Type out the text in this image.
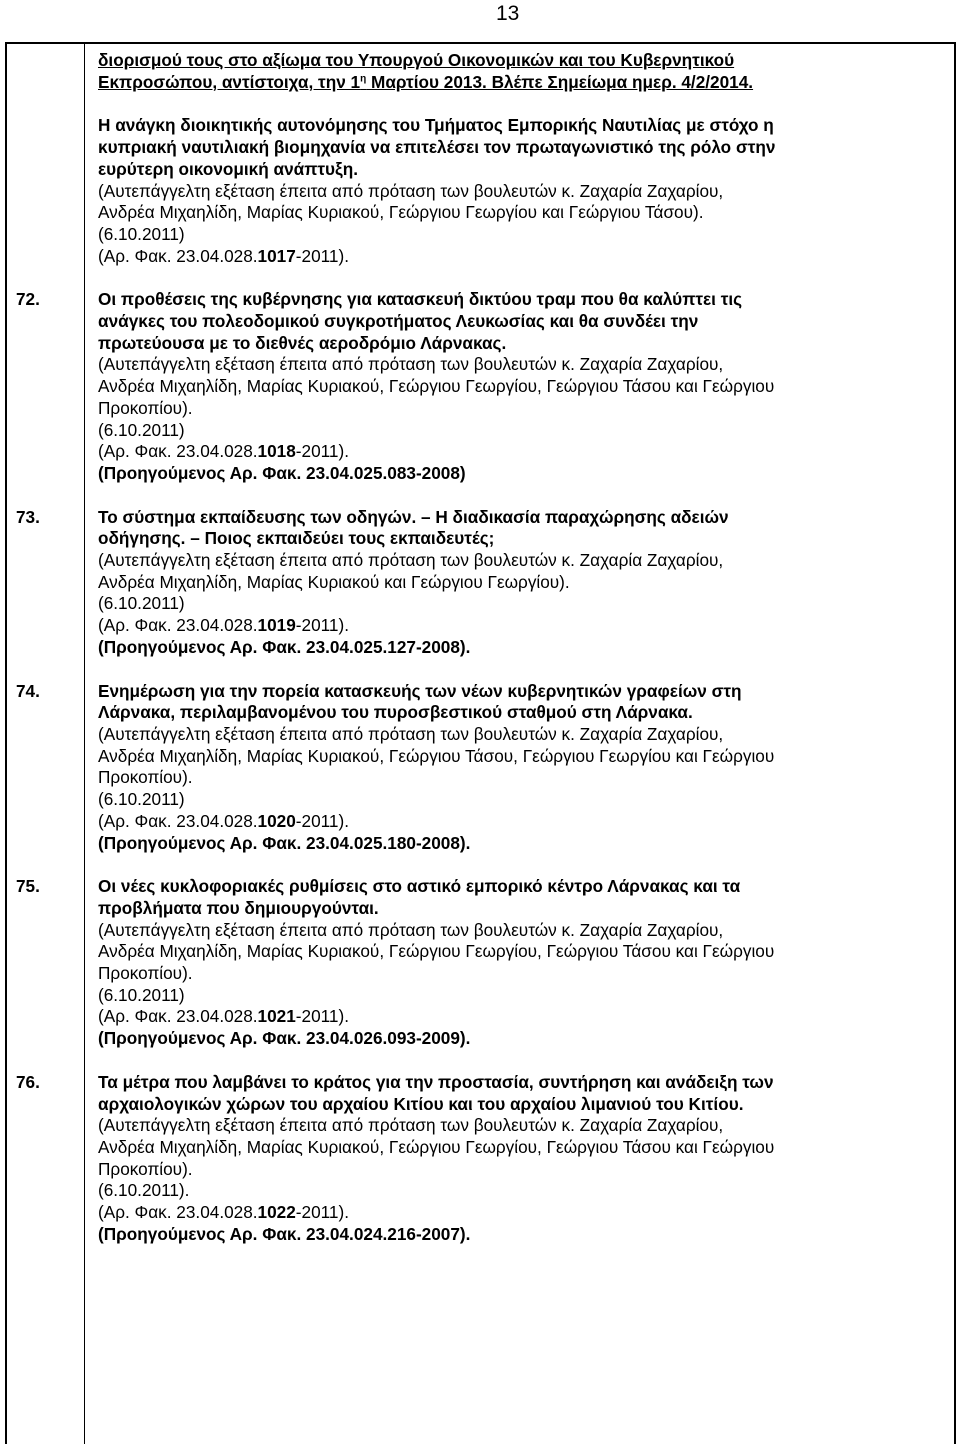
13
διορισμού τους στο αξίωμα του Υπουργού Οικονομικών και του Κυβερνητικού
Εκπροσώπου, αντίστοιχα, την $1^\eta$ Μαρτίου 2013. Βλέπε Σημείωμα ημερ. 4/2/2014.
Η ανάγκη διοικητικής αυτονόμησης του Τμήματος Εμπορικής Ναυτιλίας με στόχο η
κυπριακή ναυτιλιακή βιομηχανία να επιτελέσει τον πρωταγωνιστικό της ρόλο στην
ευρύτερη οικονομική ανάπτυξη.
(Αυτεπάγγελτη εξέταση έπειτα από πρόταση των βουλευτών κ. Ζαχαρία Ζαχαρίου,
Ανδρέα Μιχαηλίδη, Μαρίας Κυριακού, Γεώργιου Γεωργίου και Γεώργιου Τάσου).
(6.10.2011)
(Αρ. Φακ. 23.04.028.1017-2011).
72.	Οι προθέσεις της κυβέρνησης για κατασκευή δικτύου τραμ που θα καλύπτει τις
ανάγκες του πολεοδομικού συγκροτήματος Λευκωσίας και θα συνδέει την
πρωτεύουσα με το διεθνές αεροδρόμιο Λάρνακας.
(Αυτεπάγγελτη εξέταση έπειτα από πρόταση των βουλευτών κ. Ζαχαρία Ζαχαρίου,
Ανδρέα Μιχαηλίδη, Μαρίας Κυριακού, Γεώργιου Γεωργίου, Γεώργιου Τάσου και Γεώργιου
Προκοπίου).
(6.10.2011)
(Αρ. Φακ. 23.04.028.1018-2011).
(Προηγούμενος Αρ. Φακ. 23.04.025.083-2008)
73.	Το σύστημα εκπαίδευσης των οδηγών. – Η διαδικασία παραχώρησης αδειών
οδήγησης. – Ποιος εκπαιδεύει τους εκπαιδευτές;
(Αυτεπάγγελτη εξέταση έπειτα από πρόταση των βουλευτών κ. Ζαχαρία Ζαχαρίου,
Ανδρέα Μιχαηλίδη, Μαρίας Κυριακού και Γεώργιου Γεωργίου).
(6.10.2011)
(Αρ. Φακ. 23.04.028.1019-2011).
(Προηγούμενος Αρ. Φακ. 23.04.025.127-2008).
74.	Ενημέρωση για την πορεία κατασκευής των νέων κυβερνητικών γραφείων στη
Λάρνακα, περιλαμβανομένου του πυροσβεστικού σταθμού στη Λάρνακα.
(Αυτεπάγγελτη εξέταση έπειτα από πρόταση των βουλευτών κ. Ζαχαρία Ζαχαρίου,
Ανδρέα Μιχαηλίδη, Μαρίας Κυριακού, Γεώργιου Τάσου, Γεώργιου Γεωργίου και Γεώργιου
Προκοπίου).
(6.10.2011)
(Αρ. Φακ. 23.04.028.1020-2011).
(Προηγούμενος Αρ. Φακ. 23.04.025.180-2008).
75.	Οι νέες κυκλοφοριακές ρυθμίσεις στο αστικό εμπορικό κέντρο Λάρνακας και τα
προβλήματα που δημιουργούνται.
(Αυτεπάγγελτη εξέταση έπειτα από πρόταση των βουλευτών κ. Ζαχαρία Ζαχαρίου,
Ανδρέα Μιχαηλίδη, Μαρίας Κυριακού, Γεώργιου Γεωργίου, Γεώργιου Τάσου και Γεώργιου
Προκοπίου).
(6.10.2011)
(Αρ. Φακ. 23.04.028.1021-2011).
(Προηγούμενος Αρ. Φακ. 23.04.026.093-2009).
76.	Τα μέτρα που λαμβάνει το κράτος για την προστασία, συντήρηση και ανάδειξη των
αρχαιολογικών χώρων του αρχαίου Κιτίου και του αρχαίου λιμανιού του Κιτίου.
(Αυτεπάγγελτη εξέταση έπειτα από πρόταση των βουλευτών κ. Ζαχαρία Ζαχαρίου,
Ανδρέα Μιχαηλίδη, Μαρίας Κυριακού, Γεώργιου Γεωργίου, Γεώργιου Τάσου και Γεώργιου
Προκοπίου).
(6.10.2011).
(Αρ. Φακ. 23.04.028.1022-2011).
(Προηγούμενος Αρ. Φακ. 23.04.024.216-2007).
